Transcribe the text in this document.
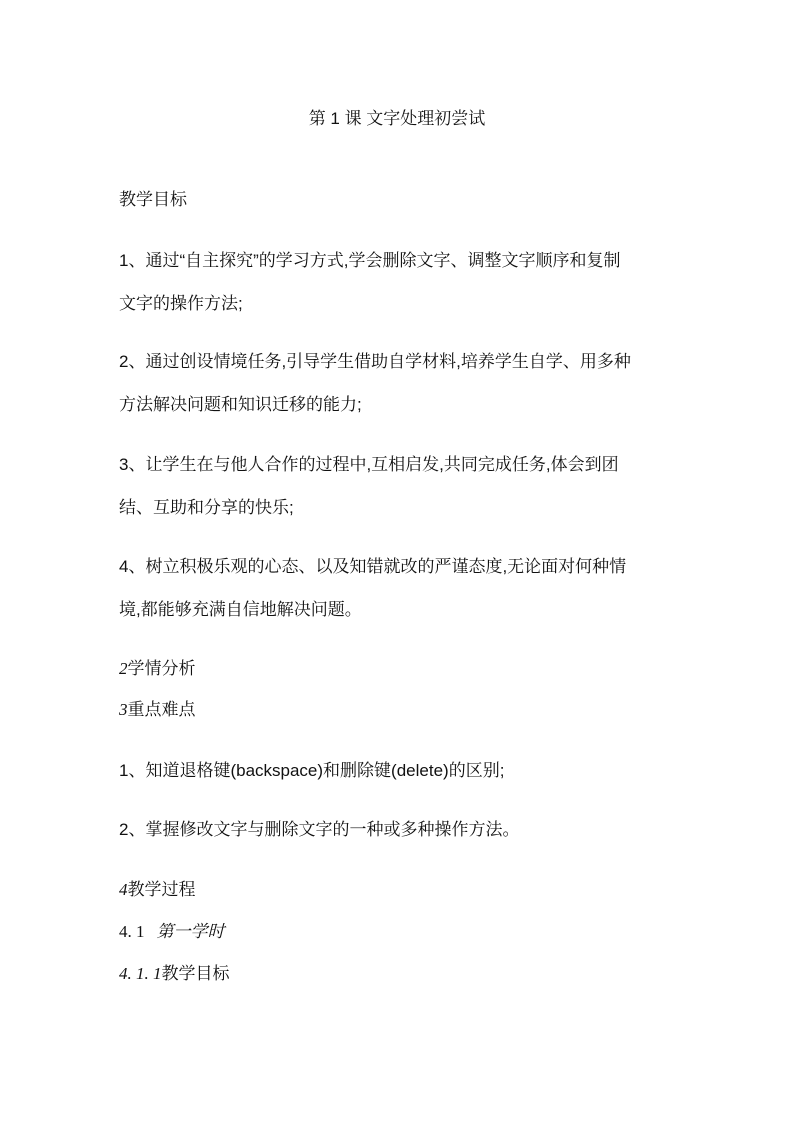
第 1 课 文字处理初尝试
教学目标
1、通过“自主探究”的学习方式,学会删除文字、调整文字顺序和复制
文字的操作方法;
2、通过创设情境任务,引导学生借助自学材料,培养学生自学、用多种
方法解决问题和知识迁移的能力;
3、让学生在与他人合作的过程中,互相启发,共同完成任务,体会到团
结、互助和分享的快乐;
4、树立积极乐观的心态、以及知错就改的严谨态度,无论面对何种情
境,都能够充满自信地解决问题。
2学情分析
3重点难点
1、知道退格键(backspace)和删除键(delete)的区别;
2、掌握修改文字与删除文字的一种或多种操作方法。
4教学过程
4. 1 第一学时
4. 1. 1教学目标
